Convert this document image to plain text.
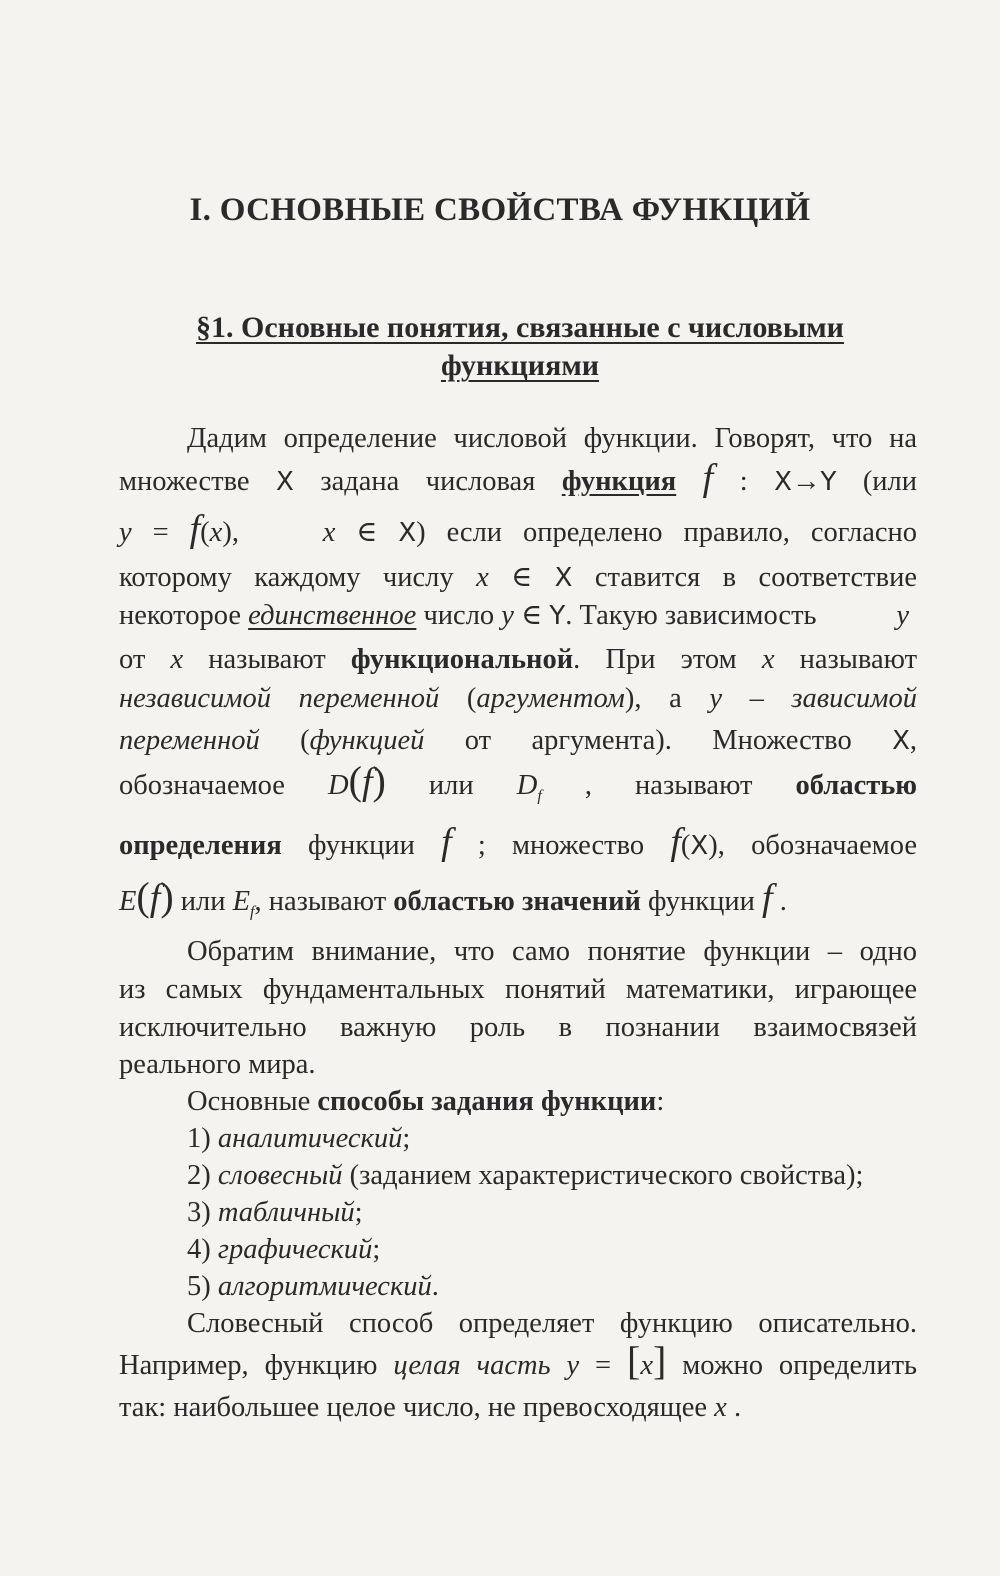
I. ОСНОВНЫЕ СВОЙСТВА ФУНКЦИЙ
§1. Основные понятия, связанные с числовыми функциями
Дадим определение числовой функции. Говорят, что на
множестве X задана числовая функция f : X→Y (или
y = f(x),    x ∈ X) если определено правило, согласно
которому каждому числу x ∈ X ставится в соответствие
некоторое единственное число y ∈ Y. Такую зависимость	y
от x называют функциональной. При этом x называют
независимой переменной (аргументом), а y – зависимой
переменной (функцией от аргумента). Множество X,
обозначаемое D(f) или $D_f$ , называют областью
определения функции f ; множество f(X), обозначаемое
E(f) или $E_f$, называют областью значений функции f .
Обратим внимание, что само понятие функции – одно
из самых фундаментальных понятий математики, играющее
исключительно важную роль в познании взаимосвязей
реального мира.
Основные способы задания функции:
1) аналитический;
2) словесный (заданием характеристического свойства);
3) табличный;
4) графический;
5) алгоритмический.
Словесный способ определяет функцию описательно.
Например, функцию целая часть y = [x] можно определить
так: наибольшее целое число, не превосходящее x .
